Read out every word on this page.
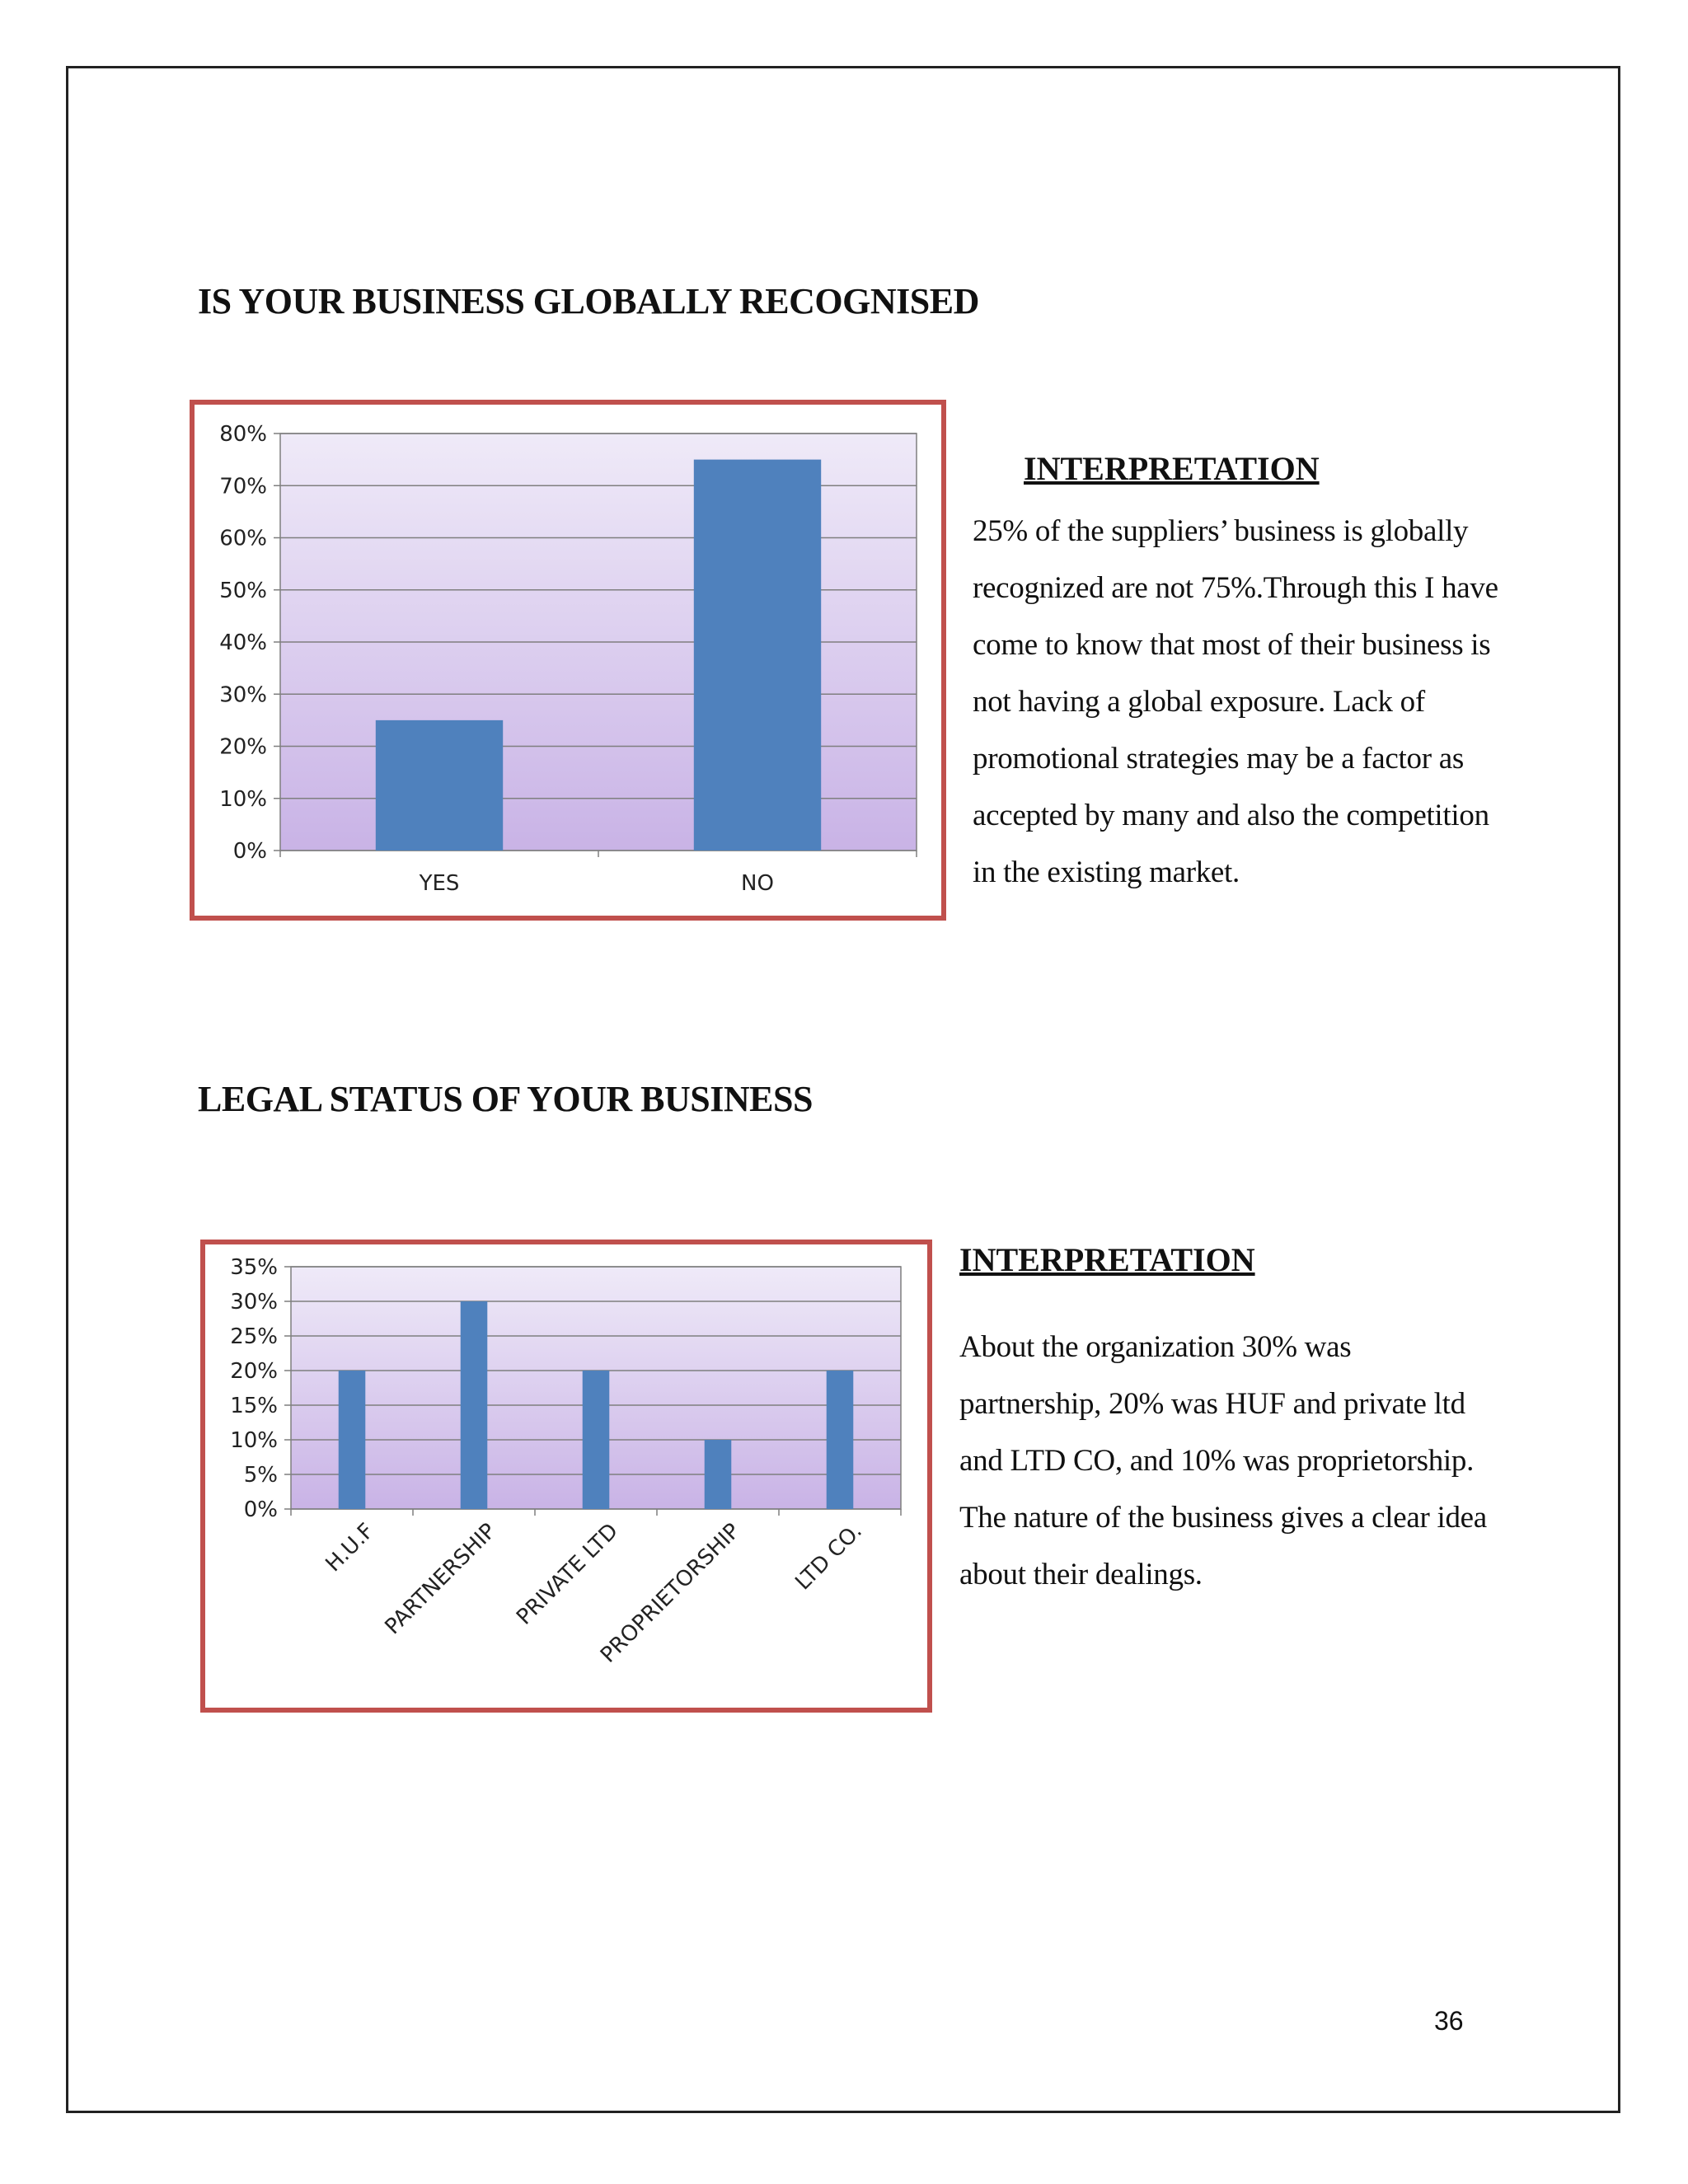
IS YOUR BUSINESS GLOBALLY RECOGNISED
0%
10%
20%
30%
40%
50%
60%
70%
80%
YES	NO
INTERPRETATION

25% of the suppliers’ business is globally recognized are not 75%.Through this I have come to know that most of their business is not having a global exposure. Lack of promotional strategies may be a factor as accepted by many and also the competition in the existing market.

LEGAL STATUS OF YOUR BUSINESS
0%
5%
10%
15%
20%
25%
30%
35%
H.U.F PARTNERSHIP PRIVATE LTD
PROPRIETORSHIP LTD CO.
INTERPRETATION

About the organization 30% was partnership, 20% was HUF and private ltd and LTD CO, and 10% was proprietorship. The nature of the business gives a clear idea about their dealings.

36
